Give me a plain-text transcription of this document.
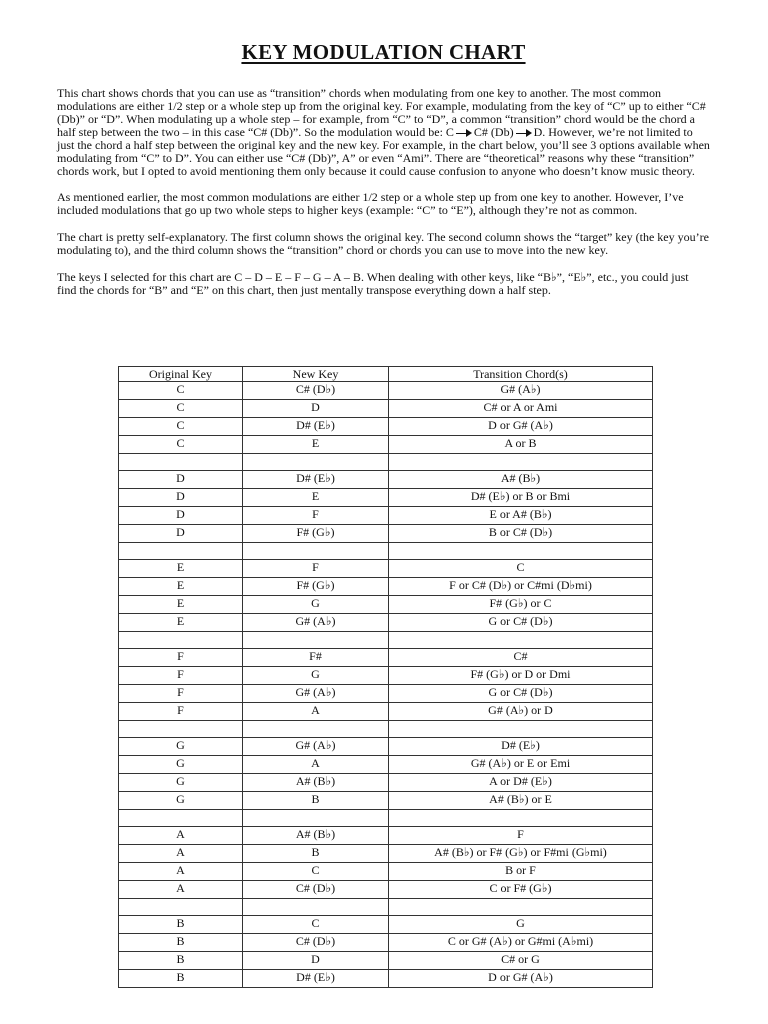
KEY MODULATION CHART

This chart shows chords that you can use as “transition” chords when modulating from one key to another. The most common modulations are either 1/2 step or a whole step up from the original key. For example, modulating from the key of “C” up to either “C# (Db)” or “D”. When modulating up a whole step – for example, from “C” to “D”, a common “transition” chord would be the chord a half step between the two – in this case “C# (Db)”. So the modulation would be: C C# (Db) D. However, we’re not limited to just the chord a half step between the original key and the new key. For example, in the chart below, you’ll see 3 options available when modulating from “C” to D”. You can either use “C# (Db)”, A” or even “Ami”. There are “theoretical” reasons why these “transition” chords work, but I opted to avoid mentioning them only because it could cause confusion to anyone who doesn’t know music theory.

As mentioned earlier, the most common modulations are either 1/2 step or a whole step up from one key to another. However, I’ve included modulations that go up two whole steps to higher keys (example: “C” to “E”), although they’re not as common.

The chart is pretty self-explanatory. The first column shows the original key. The second column shows the “target” key (the key you’re modulating to), and the third column shows the “transition” chord or chords you can use to move into the new key.

The keys I selected for this chart are C – D – E – F – G – A – B. When dealing with other keys, like “B♭”, “E♭”, etc., you could just find the chords for “B” and “E” on this chart, then just mentally transpose everything down a half step.

Original Key	New Key	Transition Chord(s)
C	C# (D♭)	G# (A♭)
C	D	C# or A or Ami
C	D# (E♭)	D or G# (A♭)
C	E	A or B

D	D# (E♭)	A# (B♭)
D	E	D# (E♭) or B or Bmi
D	F	E or A# (B♭)
D	F# (G♭)	B or C# (D♭)

E	F	C
E	F# (G♭)	F or C# (D♭) or C#mi (D♭mi)
E	G	F# (G♭) or C
E	G# (A♭)	G or C# (D♭)

F	F#	C#
F	G	F# (G♭) or D or Dmi
F	G# (A♭)	G or C# (D♭)
F	A	G# (A♭) or D

G	G# (A♭)	D# (E♭)
G	A	G# (A♭) or E or Emi
G	A# (B♭)	A or D# (E♭)
G	B	A# (B♭) or E

A	A# (B♭)	F
A	B	A# (B♭) or F# (G♭) or F#mi (G♭mi)
A	C	B or F
A	C# (D♭)	C or F# (G♭)

B	C	G
B	C# (D♭)	C or G# (A♭) or G#mi (A♭mi)
B	D	C# or G
B	D# (E♭)	D or G# (A♭)
